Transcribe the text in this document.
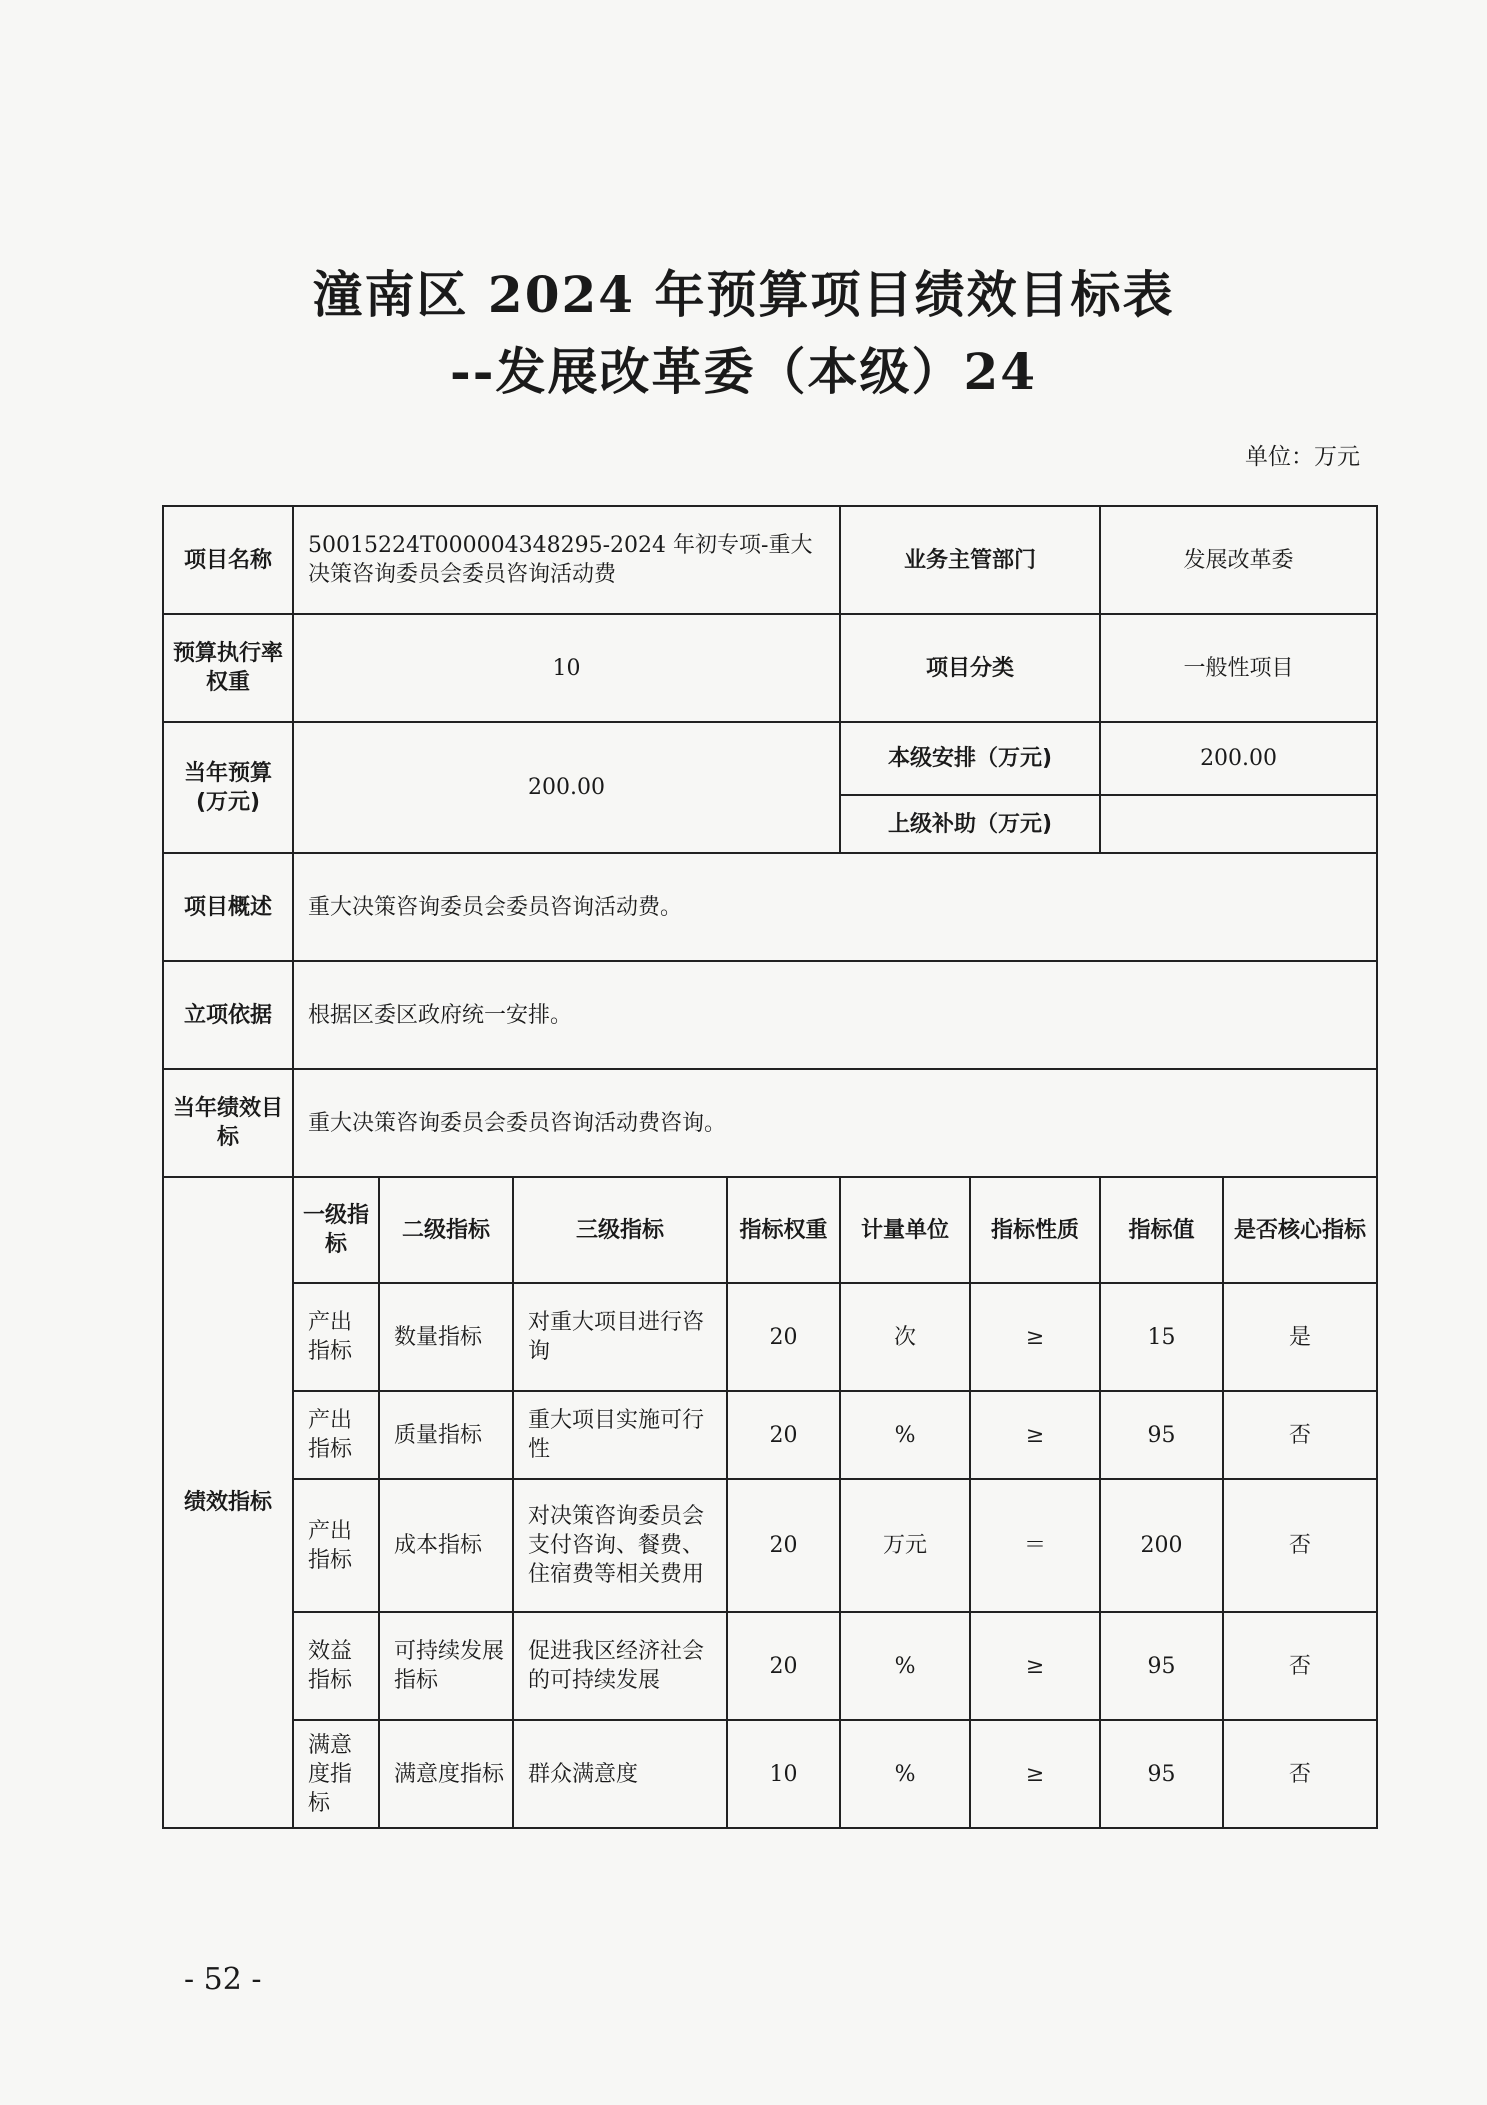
潼南区 2024 年预算项目绩效目标表
--发展改革委（本级）24
单位：万元
项目名称	50015224T000004348295-2024 年初专项-重大决策咨询委员会委员咨询活动费				业务主管部门		发展改革委	
预算执行率权重	10				项目分类		一般性项目	
当年预算(万元)	200.00				本级安排（万元)		200.00	
					上级补助（万元)			
项目概述	重大决策咨询委员会委员咨询活动费。							
立项依据	根据区委区政府统一安排。							
当年绩效目标	重大决策咨询委员会委员咨询活动费咨询。							
绩效指标	一级指标	二级指标	三级指标	指标权重	计量单位	指标性质	指标值	是否核心指标
	产出指标	数量指标	对重大项目进行咨询	20	次	≥	15	是
	产出指标	质量指标	重大项目实施可行性	20	%	≥	95	否
	产出指标	成本指标	对决策咨询委员会支付咨询、餐费、住宿费等相关费用	20	万元	＝	200	否
	效益指标	可持续发展指标	促进我区经济社会的可持续发展	20	%	≥	95	否
	满意度指标	满意度指标	群众满意度	10	%	≥	95	否
- 52 -
